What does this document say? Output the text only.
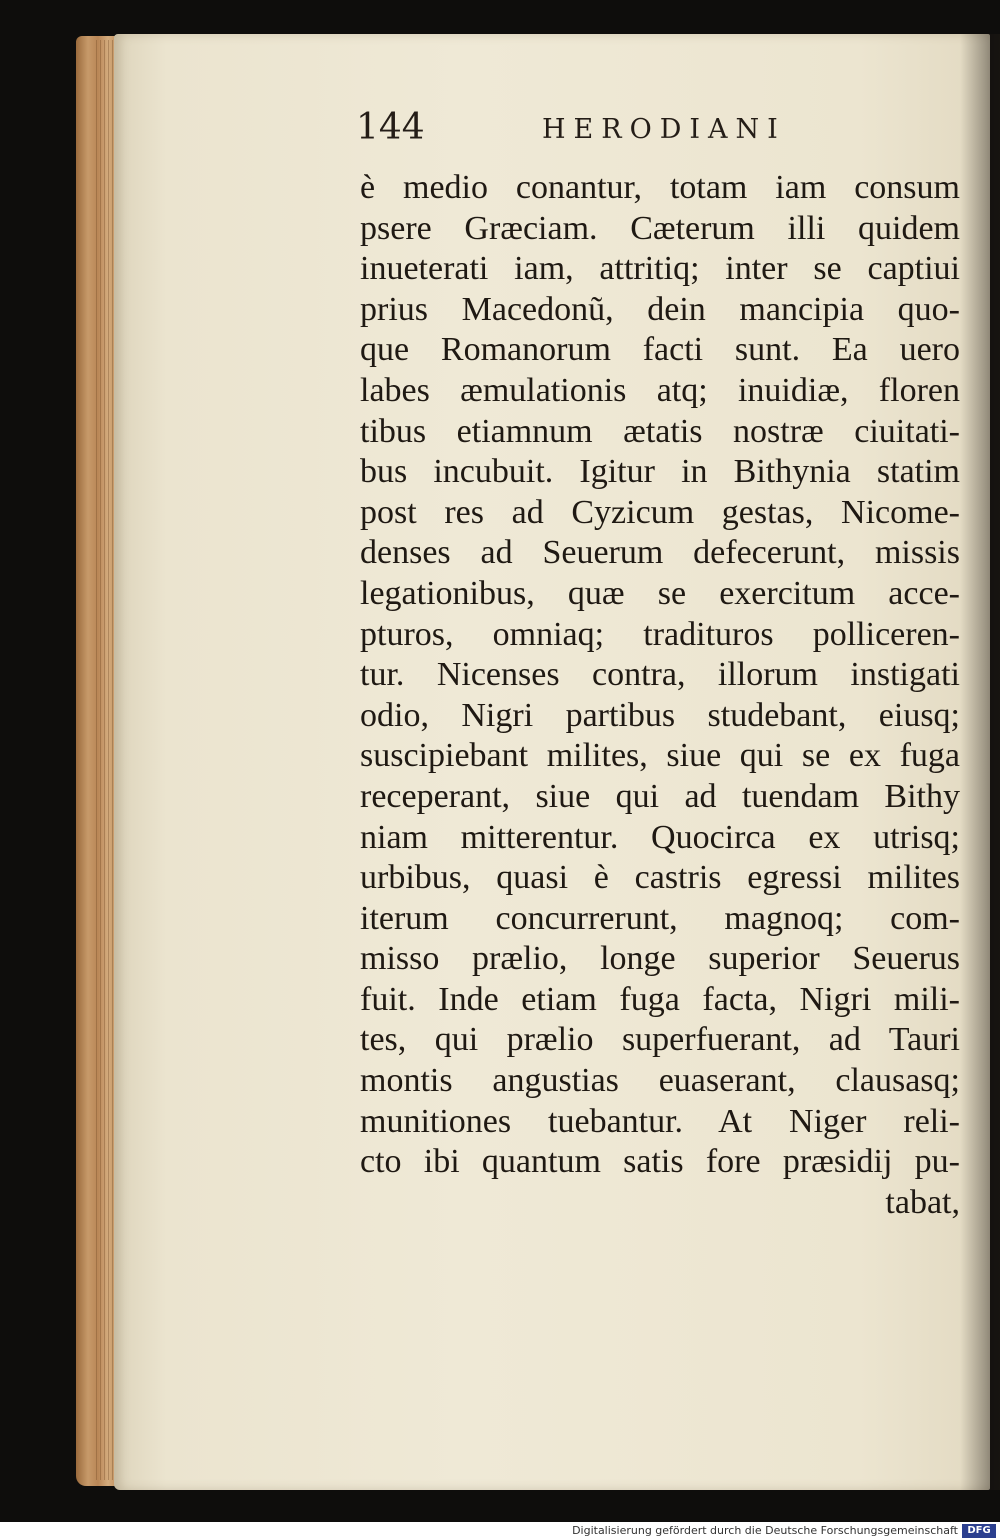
144	HERODIANI
è medio conantur, totam iam consum
psere Græciam. Cæterum illi quidem
inueterati iam, attritiq; inter se captiui
prius Macedonũ, dein mancipia quo-
que Romanorum facti sunt. Ea uero
labes æmulationis atq; inuidiæ, floren
tibus etiamnum ætatis nostræ ciuitati-
bus incubuit. Igitur in Bithynia statim
post res ad Cyzicum gestas, Nicome-
denses ad Seuerum defecerunt, missis
legationibus, quæ se exercitum acce-
pturos, omniaq; tradituros polliceren-
tur. Nicenses contra, illorum instigati
odio, Nigri partibus studebant, eiusq;
suscipiebant milites, siue qui se ex fuga
receperant, siue qui ad tuendam Bithy
niam mitterentur. Quocirca ex utrisq;
urbibus, quasi è castris egressi milites
iterum concurrerunt, magnoq; com-
misso prælio, longe superior Seuerus
fuit. Inde etiam fuga facta, Nigri mili-
tes, qui prælio superfuerant, ad Tauri
montis angustias euaserant, clausasq;
munitiones tuebantur. At Niger reli-
cto ibi quantum satis fore præsidij pu-
tabat,
Digitalisierung gefördert durch die Deutsche Forschungsgemeinschaft DFG
